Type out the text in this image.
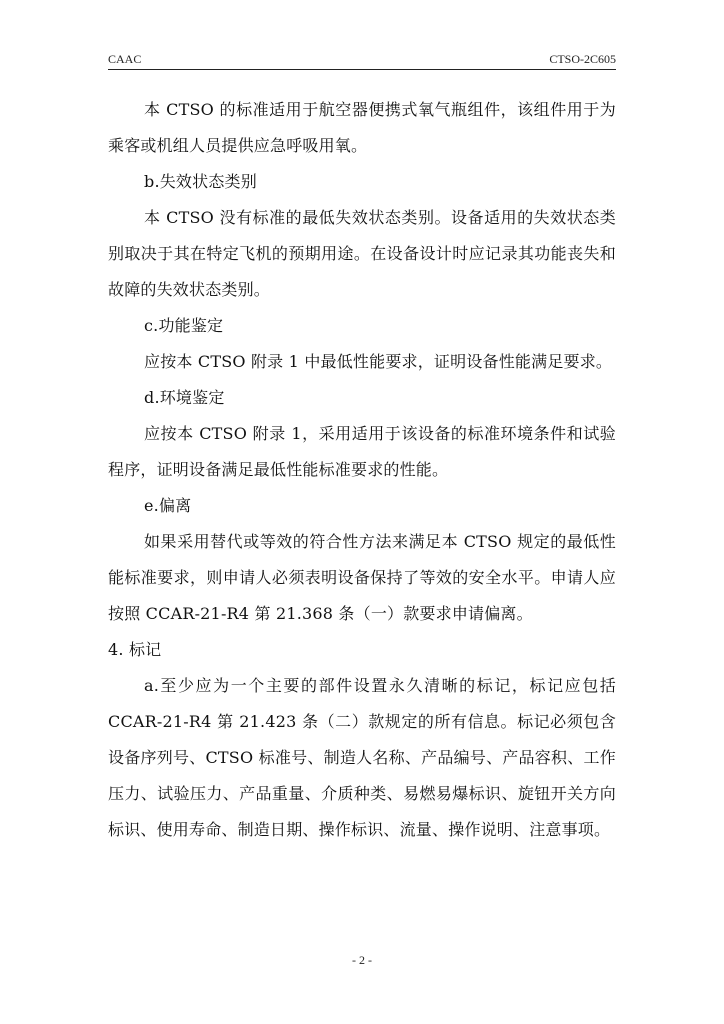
CAAC	CTSO-2C605

本 CTSO 的标准适用于航空器便携式氧气瓶组件，该组件用于为乘客或机组人员提供应急呼吸用氧。

b.失效状态类别

本 CTSO 没有标准的最低失效状态类别。设备适用的失效状态类别取决于其在特定飞机的预期用途。在设备设计时应记录其功能丧失和故障的失效状态类别。

c.功能鉴定

应按本 CTSO 附录 1 中最低性能要求，证明设备性能满足要求。

d.环境鉴定

应按本 CTSO 附录 1，采用适用于该设备的标准环境条件和试验程序，证明设备满足最低性能标准要求的性能。

e.偏离

如果采用替代或等效的符合性方法来满足本 CTSO 规定的最低性能标准要求，则申请人必须表明设备保持了等效的安全水平。申请人应按照 CCAR-21-R4 第 21.368 条（一）款要求申请偏离。

4. 标记

a.至少应为一个主要的部件设置永久清晰的标记，标记应包括 CCAR-21-R4 第 21.423 条（二）款规定的所有信息。标记必须包含设备序列号、CTSO 标准号、制造人名称、产品编号、产品容积、工作压力、试验压力、产品重量、介质种类、易燃易爆标识、旋钮开关方向标识、使用寿命、制造日期、操作标识、流量、操作说明、注意事项。

- 2 -
